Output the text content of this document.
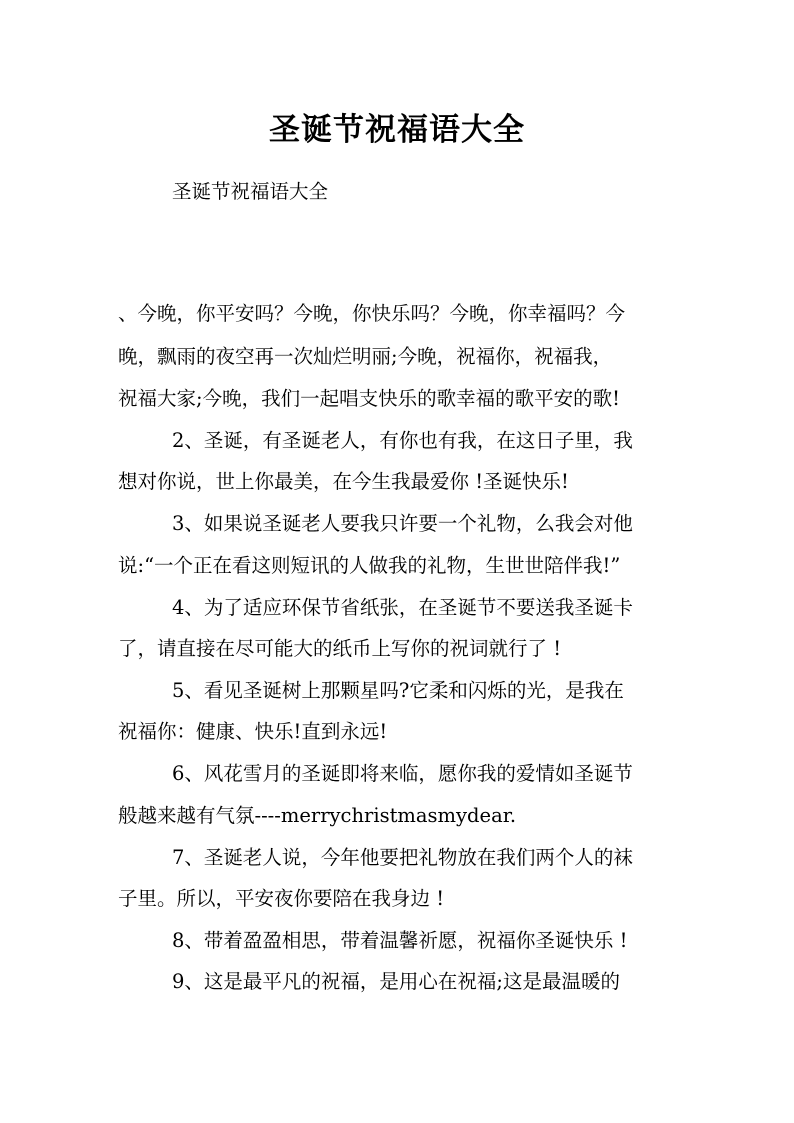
圣诞节祝福语大全
圣诞节祝福语大全
、今晚，你平安吗？今晚，你快乐吗？今晚，你幸福吗？今
晚，飘雨的夜空再一次灿烂明丽;今晚，祝福你，祝福我，
祝福大家;今晚，我们一起唱支快乐的歌幸福的歌平安的歌!
2、圣诞，有圣诞老人，有你也有我，在这日子里，我
想对你说，世上你最美，在今生我最爱你 !圣诞快乐!
3、如果说圣诞老人要我只许要一个礼物，么我会对他
说:“一个正在看这则短讯的人做我的礼物，生世世陪伴我!”
4、为了适应环保节省纸张，在圣诞节不要送我圣诞卡
了，请直接在尽可能大的纸币上写你的祝词就行了 !
5、看见圣诞树上那颗星吗?它柔和闪烁的光，是我在
祝福你：健康、快乐!直到永远!
6、风花雪月的圣诞即将来临，愿你我的爱情如圣诞节
般越来越有气氛----merrychristmasmydear.
7、圣诞老人说，今年他要把礼物放在我们两个人的袜
子里。所以，平安夜你要陪在我身边 !
8、带着盈盈相思，带着温馨祈愿，祝福你圣诞快乐 !
9、这是最平凡的祝福，是用心在祝福;这是最温暖的
